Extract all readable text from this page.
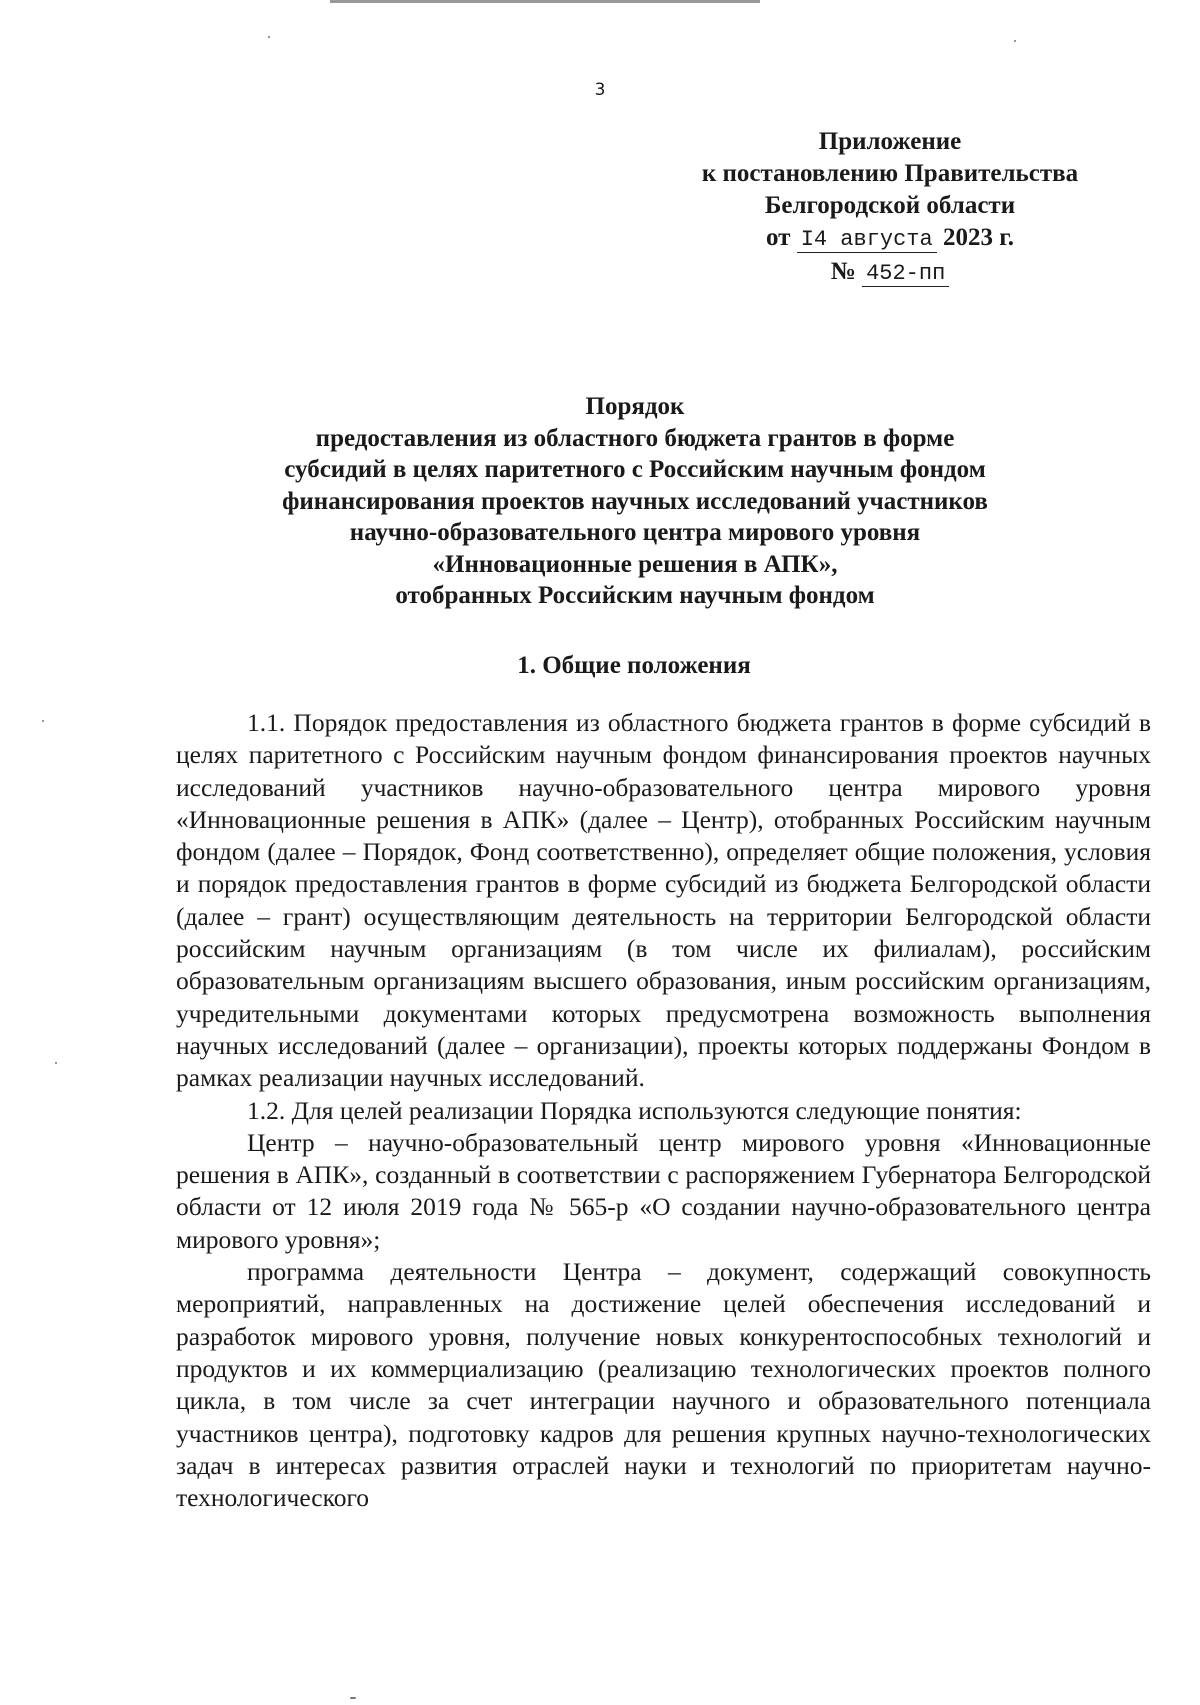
3
Приложение
к постановлению Правительства
Белгородской области
от I4 августа 2023 г.
№ 452-пп
Порядок
предоставления из областного бюджета грантов в форме
субсидий в целях паритетного с Российским научным фондом
финансирования проектов научных исследований участников
научно-образовательного центра мирового уровня
«Инновационные решения в АПК»,
отобранных Российским научным фондом
1. Общие положения

1.1. Порядок предоставления из областного бюджета грантов в форме субсидий в целях паритетного с Российским научным фондом финансирования проектов научных исследований участников научно-образовательного центра мирового уровня «Инновационные решения в АПК» (далее – Центр), отобранных Российским научным фондом (далее – Порядок, Фонд соответственно), определяет общие положения, условия и порядок предоставления грантов в форме субсидий из бюджета Белгородской области (далее – грант) осуществляющим деятельность на территории Белгородской области российским научным организациям (в том числе их филиалам), российским образовательным организациям высшего образования, иным российским организациям, учредительными документами которых предусмотрена возможность выполнения научных исследований (далее – организации), проекты которых поддержаны Фондом в рамках реализации научных исследований.

1.2. Для целей реализации Порядка используются следующие понятия:

Центр – научно-образовательный центр мирового уровня «Инновационные решения в АПК», созданный в соответствии с распоряжением Губернатора Белгородской области от 12 июля 2019 года № 565-р «О создании научно-образовательного центра мирового уровня»;

программа деятельности Центра – документ, содержащий совокупность мероприятий, направленных на достижение целей обеспечения исследований и разработок мирового уровня, получение новых конкурентоспособных технологий и продуктов и их коммерциализацию (реализацию технологических проектов полного цикла, в том числе за счет интеграции научного и образовательного потенциала участников центра), подготовку кадров для решения крупных научно-технологических задач в интересах развития отраслей науки и технологий по приоритетам научно-технологического
